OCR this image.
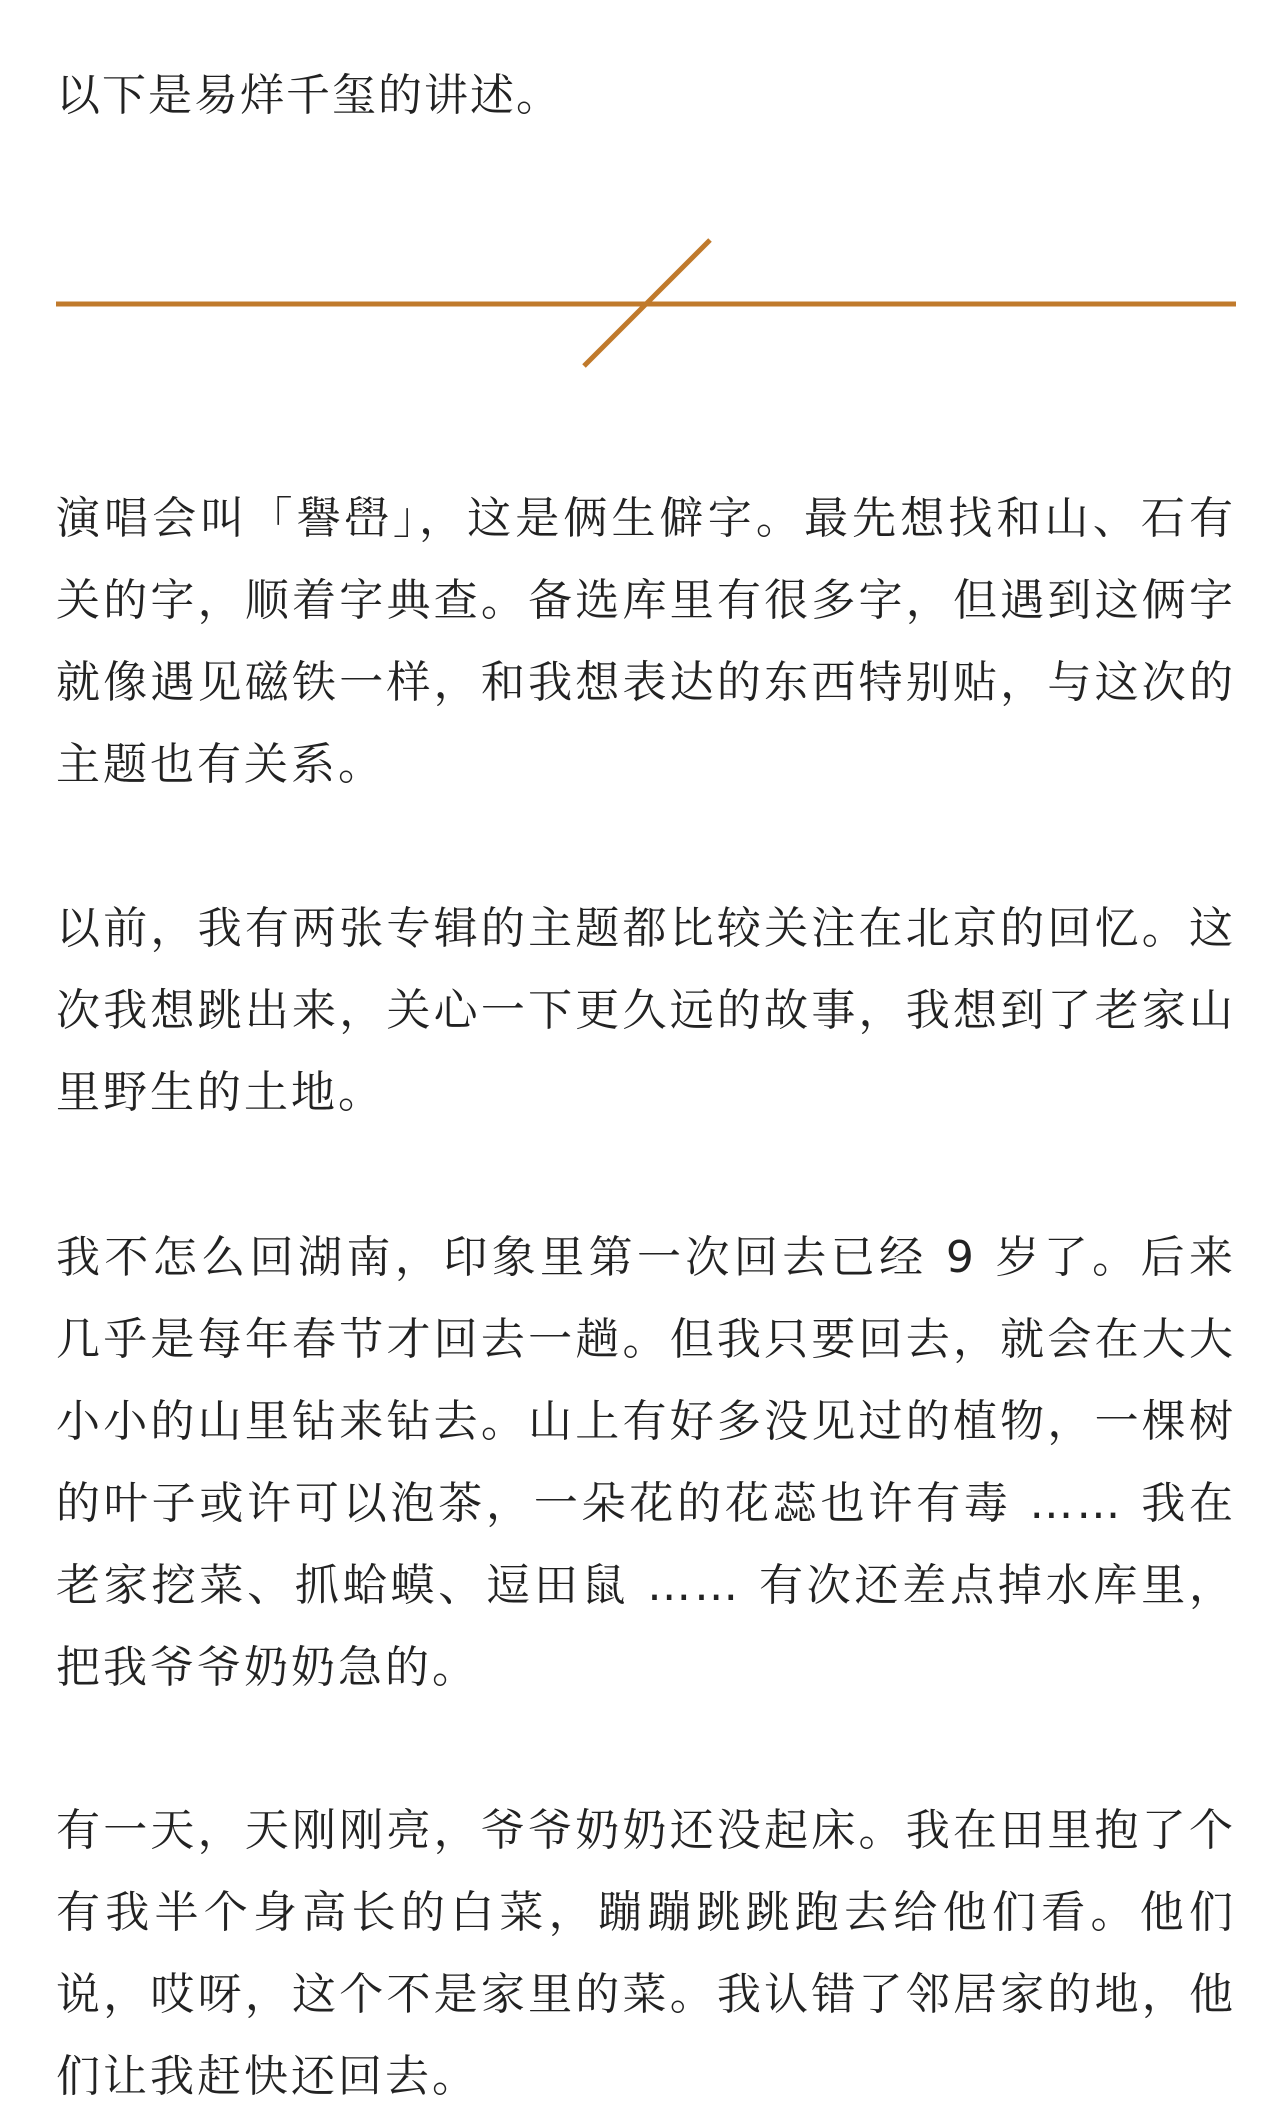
以下是易烊千玺的讲述。

演唱会叫「譽嶨」，这是俩生僻字。最先想找和山、石有关的字，顺着字典查。备选库里有很多字，但遇到这俩字就像遇见磁铁一样，和我想表达的东西特别贴，与这次的主题也有关系。

以前，我有两张专辑的主题都比较关注在北京的回忆。这次我想跳出来，关心一下更久远的故事，我想到了老家山里野生的土地。

我不怎么回湖南，印象里第一次回去已经 9 岁了。后来几乎是每年春节才回去一趟。但我只要回去，就会在大大小小的山里钻来钻去。山上有好多没见过的植物，一棵树的叶子或许可以泡茶，一朵花的花蕊也许有毒 …… 我在老家挖菜、抓蛤蟆、逗田鼠 …… 有次还差点掉水库里，把我爷爷奶奶急的。

有一天，天刚刚亮，爷爷奶奶还没起床。我在田里抱了个有我半个身高长的白菜，蹦蹦跳跳跑去给他们看。他们说，哎呀，这个不是家里的菜。我认错了邻居家的地，他们让我赶快还回去。
